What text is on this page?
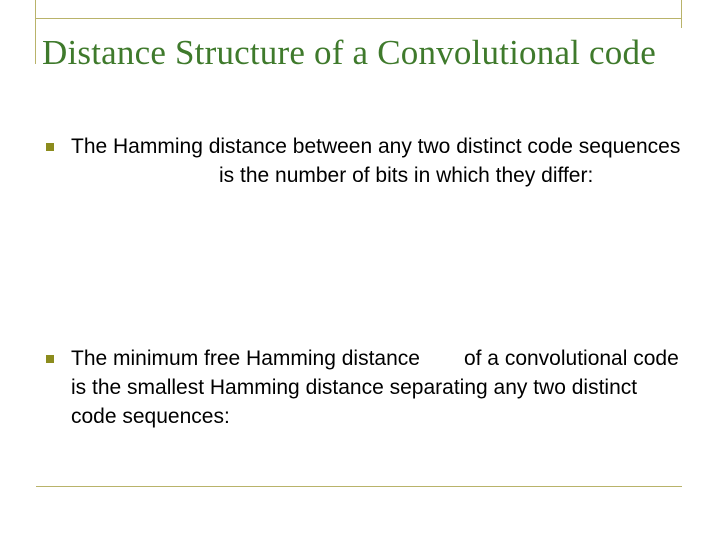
Distance Structure of a Convolutional code

The Hamming distance between any two distinct code sequencesis the number of bits in which they differ:

The minimum free Hamming distance of a convolutional code is the smallest Hamming distance separating any two distinct code sequences:
